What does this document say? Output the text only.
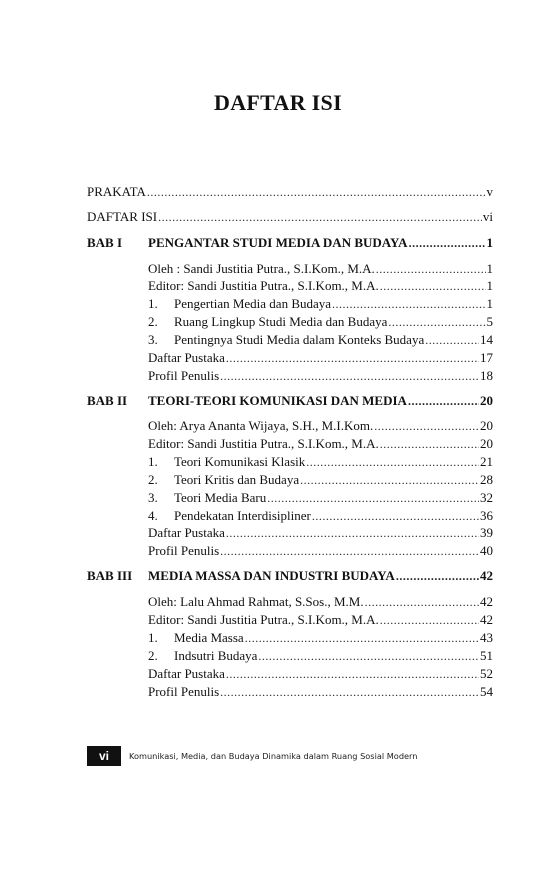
DAFTAR ISI
PRAKATA .....	v
DAFTAR ISI .....	vi
BAB I PENGANTAR STUDI MEDIA DAN BUDAYA .....	1
Oleh : Sandi Justitia Putra., S.I.Kom., M.A. .....	1
Editor: Sandi Justitia Putra., S.I.Kom., M.A. .....	1
1.	Pengertian Media dan Budaya .....	1
2.	Ruang Lingkup Studi Media dan Budaya .....	5
3.	Pentingnya Studi Media dalam Konteks Budaya .....	14
Daftar Pustaka .....	17
Profil Penulis .....	18
BAB II TEORI-TEORI KOMUNIKASI DAN MEDIA .....	20
Oleh: Arya Ananta Wijaya, S.H., M.I.Kom. .....	20
Editor: Sandi Justitia Putra., S.I.Kom., M.A. .....	20
1.	Teori Komunikasi Klasik .....	21
2.	Teori Kritis dan Budaya .....	28
3.	Teori Media Baru .....	32
4.	Pendekatan Interdisipliner .....	36
Daftar Pustaka .....	39
Profil Penulis .....	40
BAB III MEDIA MASSA DAN INDUSTRI BUDAYA .....	42
Oleh: Lalu Ahmad Rahmat, S.Sos., M.M. .....	42
Editor: Sandi Justitia Putra., S.I.Kom., M.A. .....	42
1.	Media Massa .....	43
2.	Indsutri Budaya .....	51
Daftar Pustaka .....	52
Profil Penulis .....	54
vi	Komunikasi, Media, dan Budaya Dinamika dalam Ruang Sosial Modern
